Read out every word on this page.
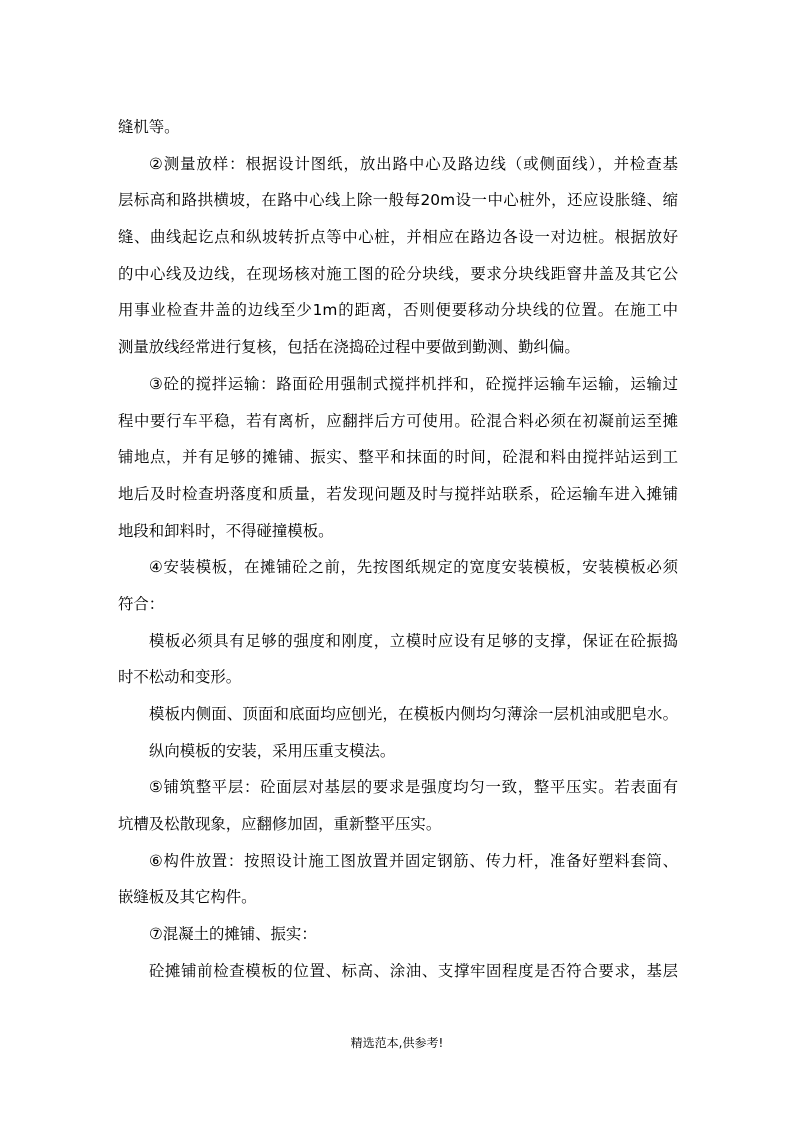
缝机等。
②测量放样：根据设计图纸，放出路中心及路边线（或侧面线），并检查基
层标高和路拱横坡，在路中心线上除一般每20m设一中心桩外，还应设胀缝、缩
缝、曲线起讫点和纵坡转折点等中心桩，并相应在路边各设一对边桩。根据放好
的中心线及边线，在现场核对施工图的砼分块线，要求分块线距窨井盖及其它公
用事业检查井盖的边线至少1m的距离，否则便要移动分块线的位置。在施工中
测量放线经常进行复核，包括在浇捣砼过程中要做到勤测、勤纠偏。
③砼的搅拌运输：路面砼用强制式搅拌机拌和，砼搅拌运输车运输，运输过
程中要行车平稳，若有离析，应翻拌后方可使用。砼混合料必须在初凝前运至摊
铺地点，并有足够的摊铺、振实、整平和抹面的时间，砼混和料由搅拌站运到工
地后及时检查坍落度和质量，若发现问题及时与搅拌站联系，砼运输车进入摊铺
地段和卸料时，不得碰撞模板。
④安装模板，在摊铺砼之前，先按图纸规定的宽度安装模板，安装模板必须
符合：
模板必须具有足够的强度和刚度，立模时应设有足够的支撑，保证在砼振捣
时不松动和变形。
模板内侧面、顶面和底面均应刨光，在模板内侧均匀薄涂一层机油或肥皂水。
纵向模板的安装，采用压重支模法。
⑤铺筑整平层：砼面层对基层的要求是强度均匀一致，整平压实。若表面有
坑槽及松散现象，应翻修加固，重新整平压实。
⑥构件放置：按照设计施工图放置并固定钢筋、传力杆，准备好塑料套筒、
嵌缝板及其它构件。
⑦混凝土的摊铺、振实：
砼摊铺前检查模板的位置、标高、涂油、支撑牢固程度是否符合要求，基层
精选范本,供参考!
